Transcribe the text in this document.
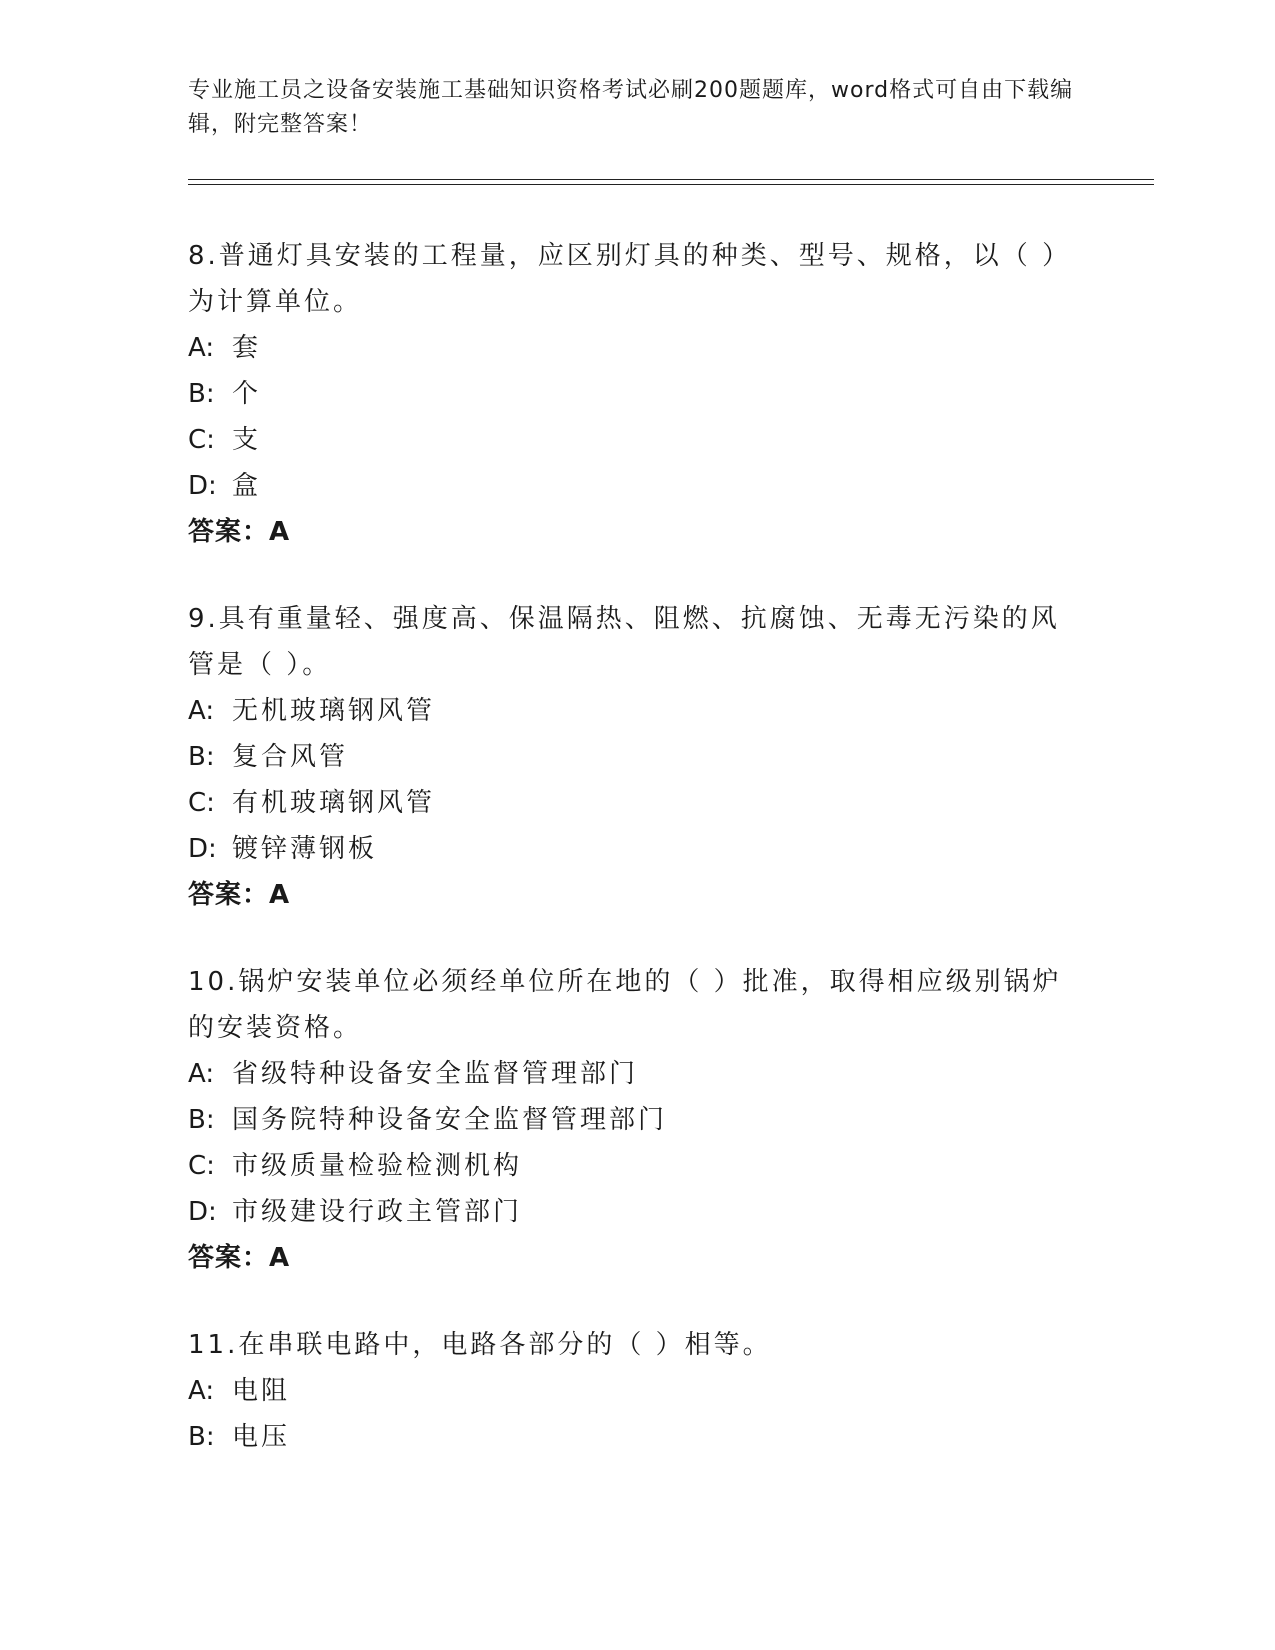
专业施工员之设备安装施工基础知识资格考试必刷200题题库，word格式可自由下载编辑，附完整答案！

8.普通灯具安装的工程量，应区别灯具的种类、型号、规格，以（ ）为计算单位。

A: 套

B: 个

C: 支

D: 盒

答案：A

9.具有重量轻、强度高、保温隔热、阻燃、抗腐蚀、无毒无污染的风管是（ ）。

A: 无机玻璃钢风管

B: 复合风管

C: 有机玻璃钢风管

D: 镀锌薄钢板

答案：A

10.锅炉安装单位必须经单位所在地的（ ）批准，取得相应级别锅炉的安装资格。

A: 省级特种设备安全监督管理部门

B: 国务院特种设备安全监督管理部门

C: 市级质量检验检测机构

D: 市级建设行政主管部门

答案：A

11.在串联电路中，电路各部分的（ ）相等。

A: 电阻

B: 电压
